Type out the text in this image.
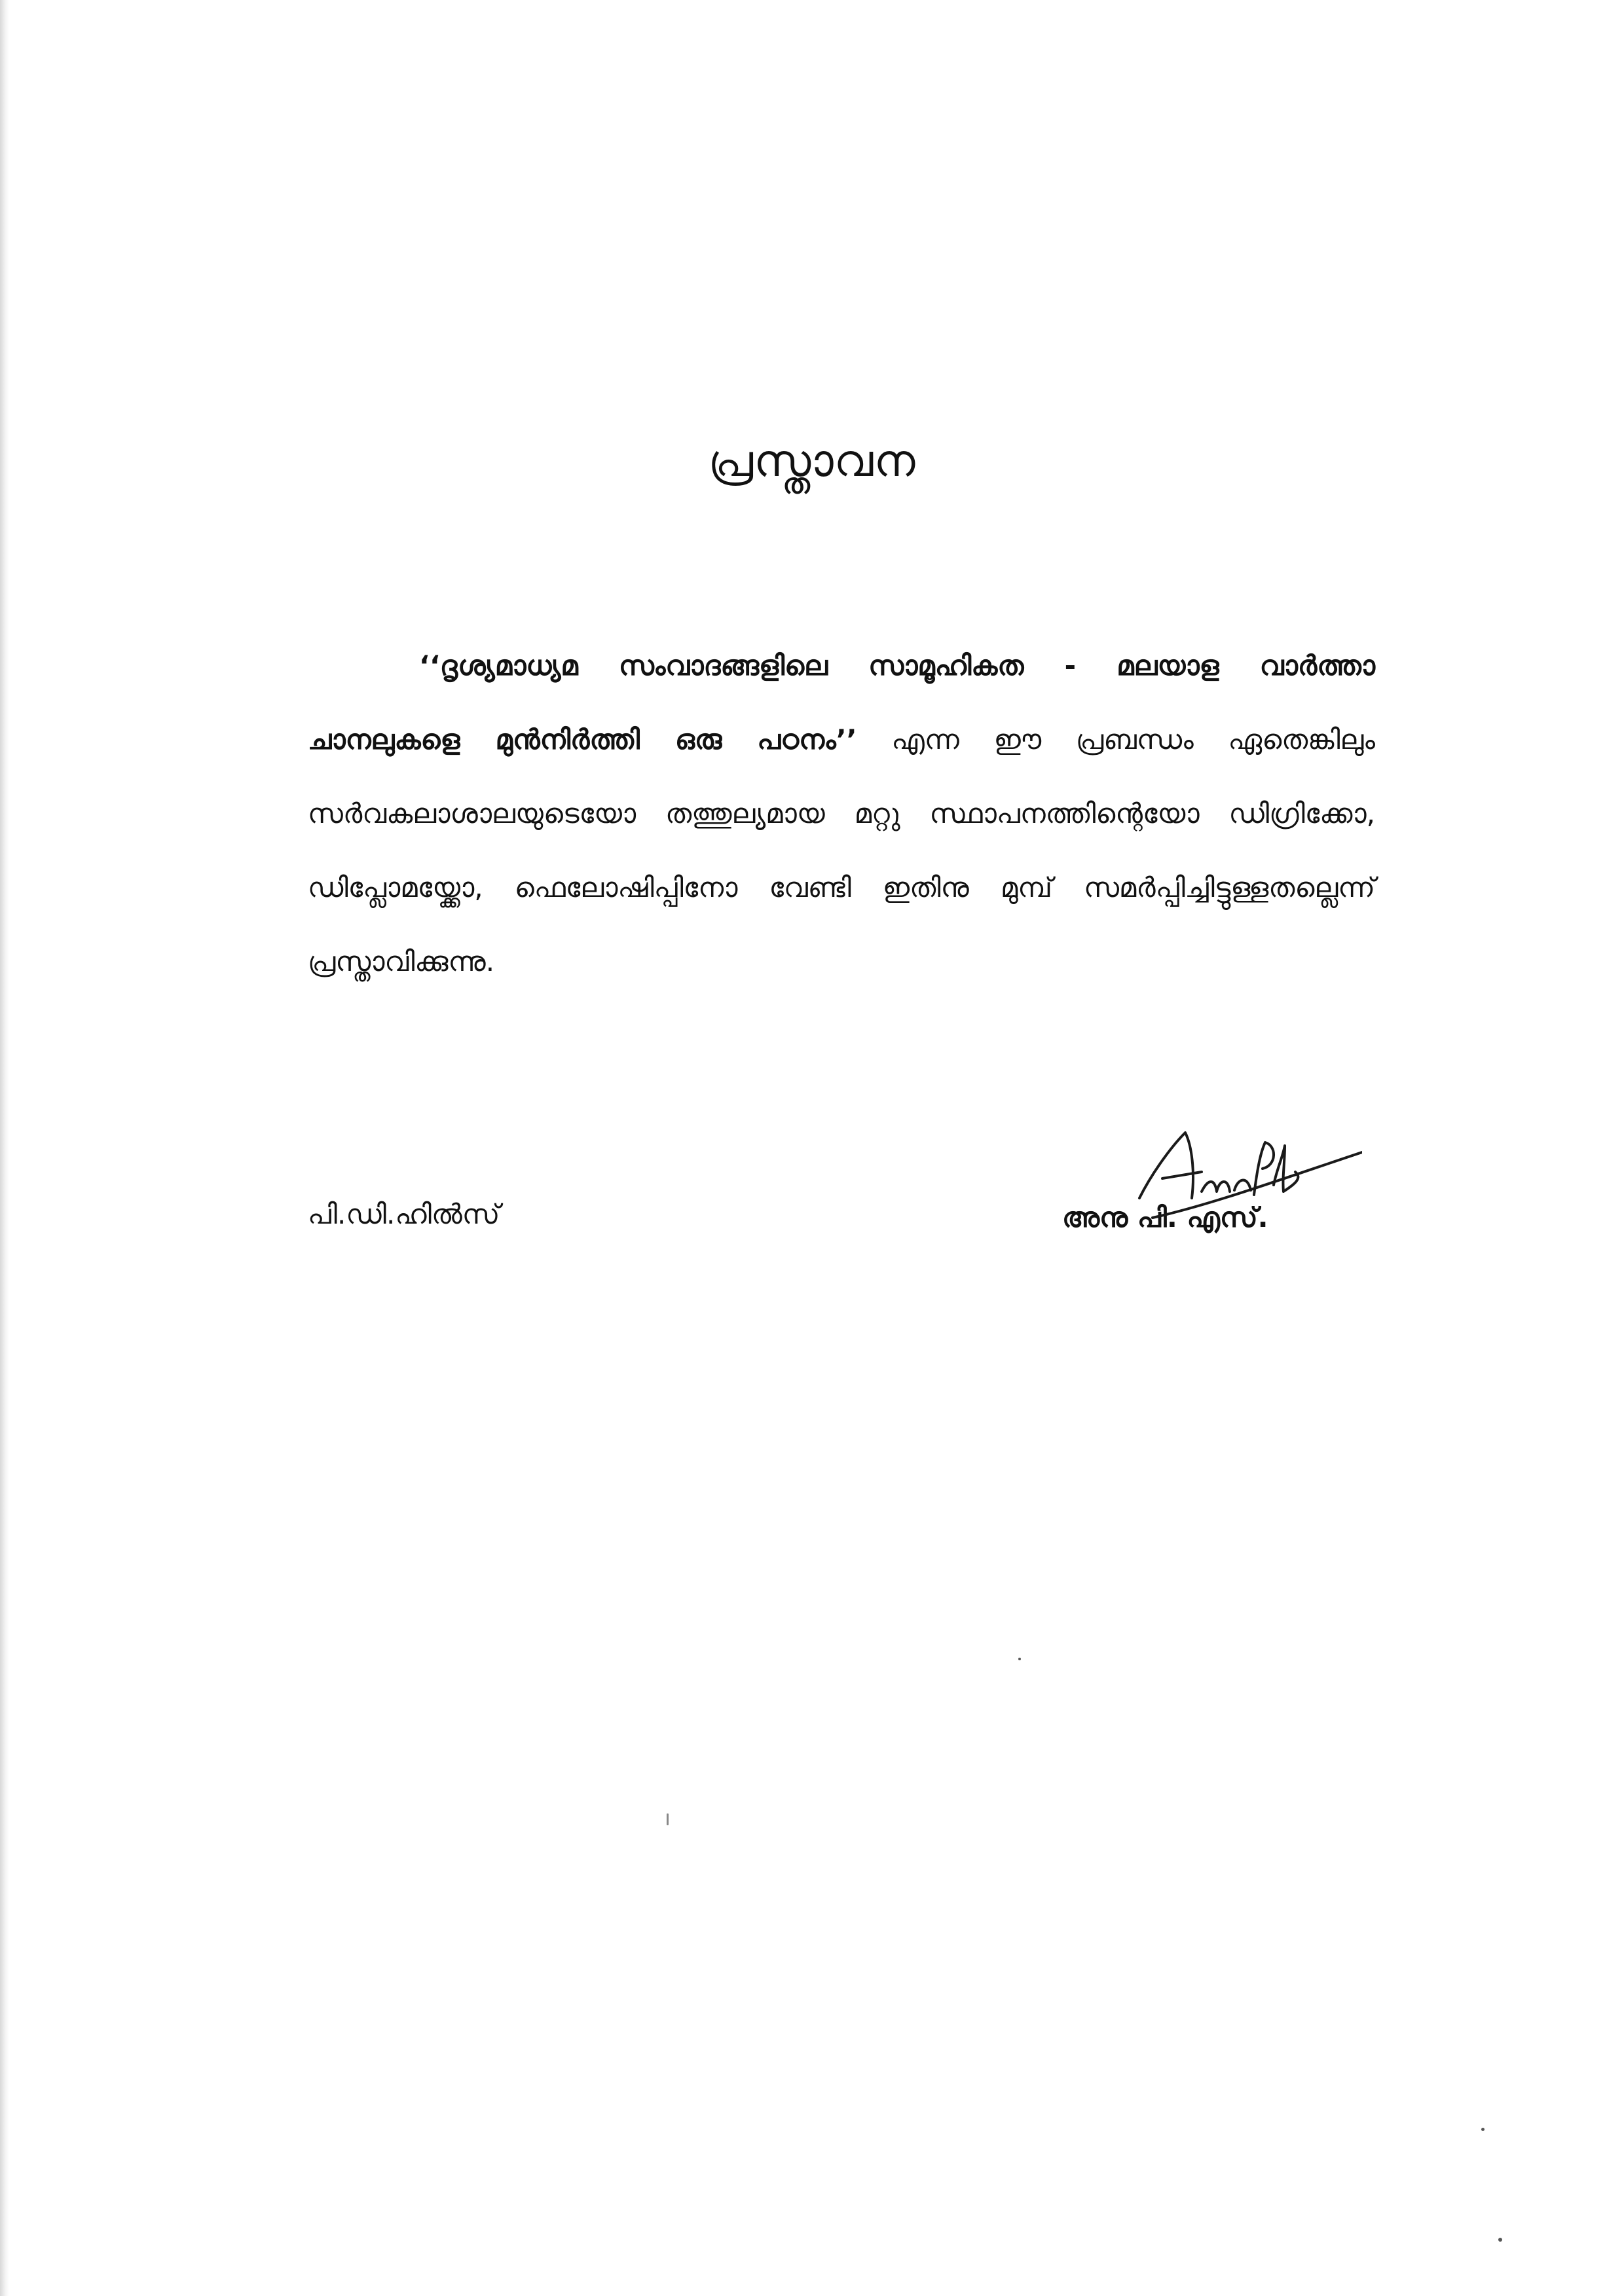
പ്രസ്താവന
‘‘ദൃശ്യമാധ്യമ സംവാദങ്ങളിലെ സാമൂഹികത - മലയാള വാർത്താ ചാനലുകളെ മുൻനിർത്തി ഒരു പഠനം’’ എന്ന ഈ പ്രബന്ധം ഏതെങ്കിലും സർവകലാശാലയുടെയോ തത്തുല്യമായ മറ്റു സ്ഥാപനത്തിന്റെയോ ഡിഗ്രിക്കോ, ഡിപ്ലോമയ്ക്കോ, ഫെലോഷിപ്പിനോ വേണ്ടി ഇതിനു മുമ്പ് സമർപ്പിച്ചിട്ടുള്ളതല്ലെന്ന് പ്രസ്താവിക്കുന്നു.
പി.ഡി.ഹിൽസ്	അനു പി. എസ്.
